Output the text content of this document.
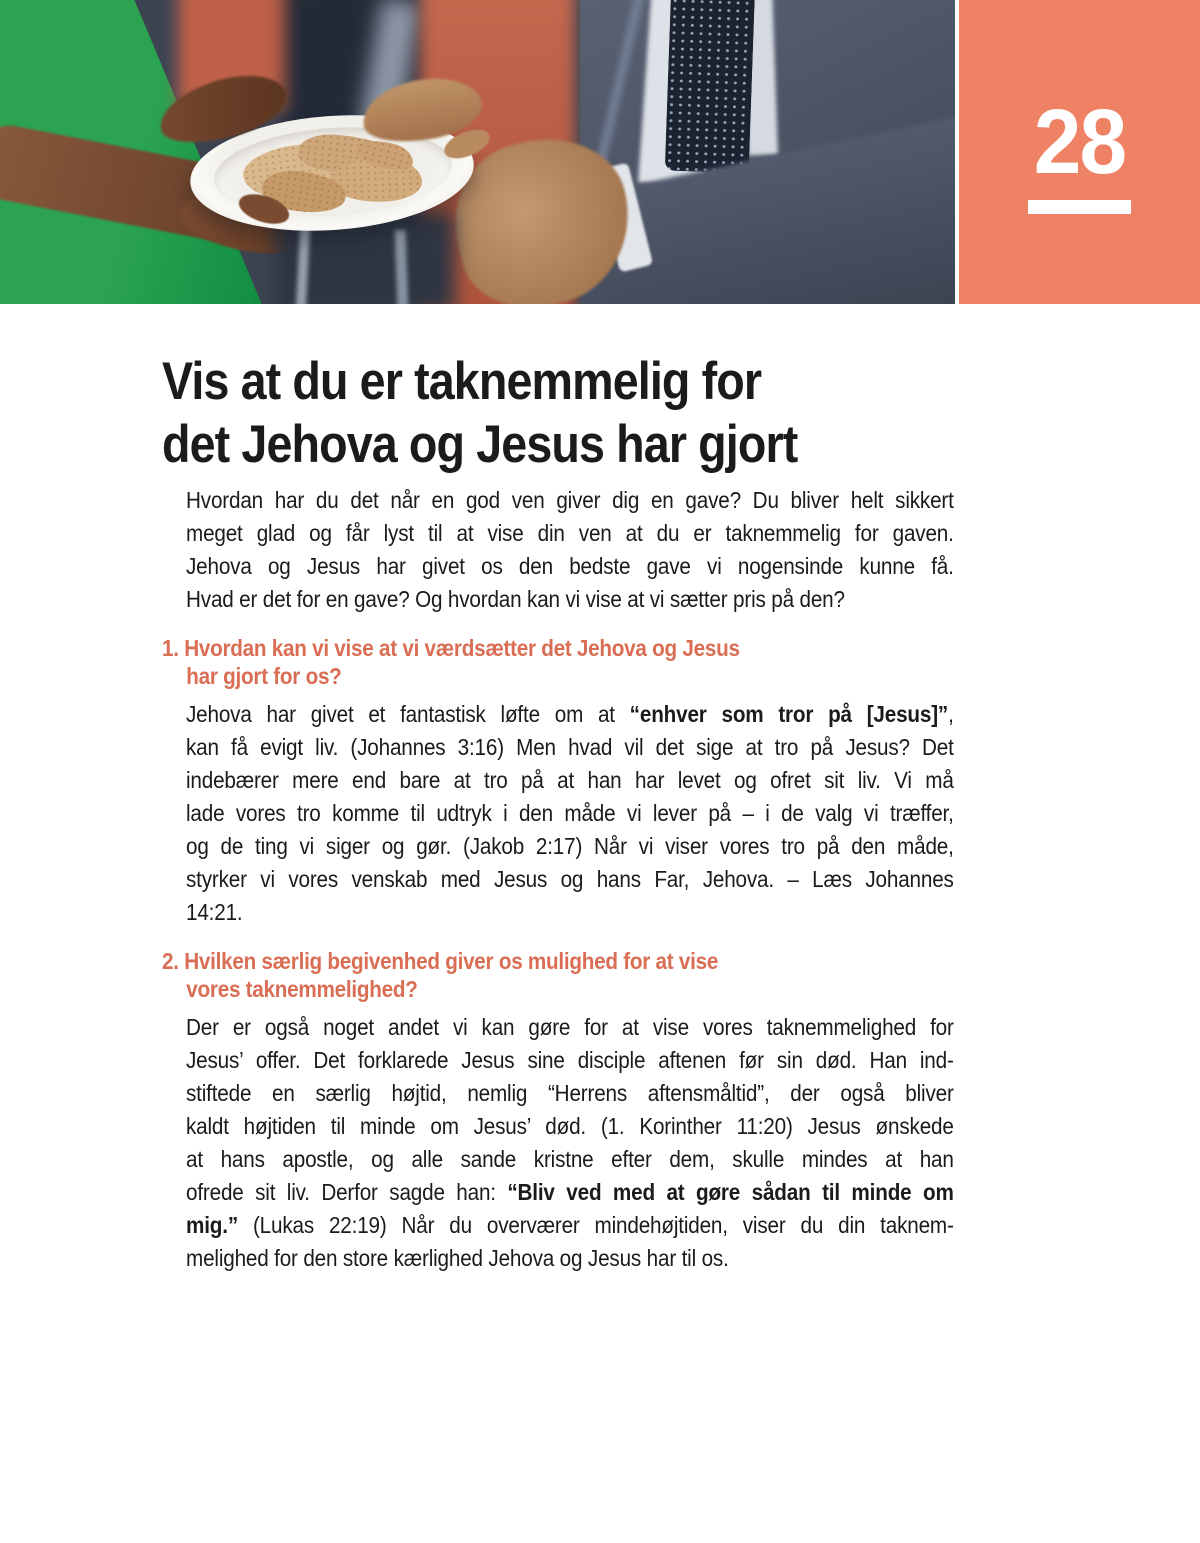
28
Vis at du er taknemmelig for
det Jehova og Jesus har gjort
Hvordan har du det når en god ven giver dig en gave? Du bliver helt sikkert
meget glad og får lyst til at vise din ven at du er taknemmelig for gaven.
Jehova og Jesus har givet os den bedste gave vi nogensinde kunne få.
Hvad er det for en gave? Og hvordan kan vi vise at vi sætter pris på den?
1. Hvordan kan vi vise at vi værdsætter det Jehova og Jesus
har gjort for os?
Jehova har givet et fantastisk løfte om at “enhver som tror på [Jesus]”,
kan få evigt liv. (Johannes 3:16) Men hvad vil det sige at tro på Jesus? Det
indebærer mere end bare at tro på at han har levet og ofret sit liv. Vi må
lade vores tro komme til udtryk i den måde vi lever på – i de valg vi træffer,
og de ting vi siger og gør. (Jakob 2:17) Når vi viser vores tro på den måde,
styrker vi vores venskab med Jesus og hans Far, Jehova. – Læs Johannes
14:21.
2. Hvilken særlig begivenhed giver os mulighed for at vise
vores taknemmelighed?
Der er også noget andet vi kan gøre for at vise vores taknemmelighed for
Jesus’ offer. Det forklarede Jesus sine disciple aftenen før sin død. Han ind-
stiftede en særlig højtid, nemlig “Herrens aftensmåltid”, der også bliver
kaldt højtiden til minde om Jesus’ død. (1. Korinther 11:20) Jesus ønskede
at hans apostle, og alle sande kristne efter dem, skulle mindes at han
ofrede sit liv. Derfor sagde han: “Bliv ved med at gøre sådan til minde om
mig.” (Lukas 22:19) Når du overværer mindehøjtiden, viser du din taknem-
melighed for den store kærlighed Jehova og Jesus har til os.
